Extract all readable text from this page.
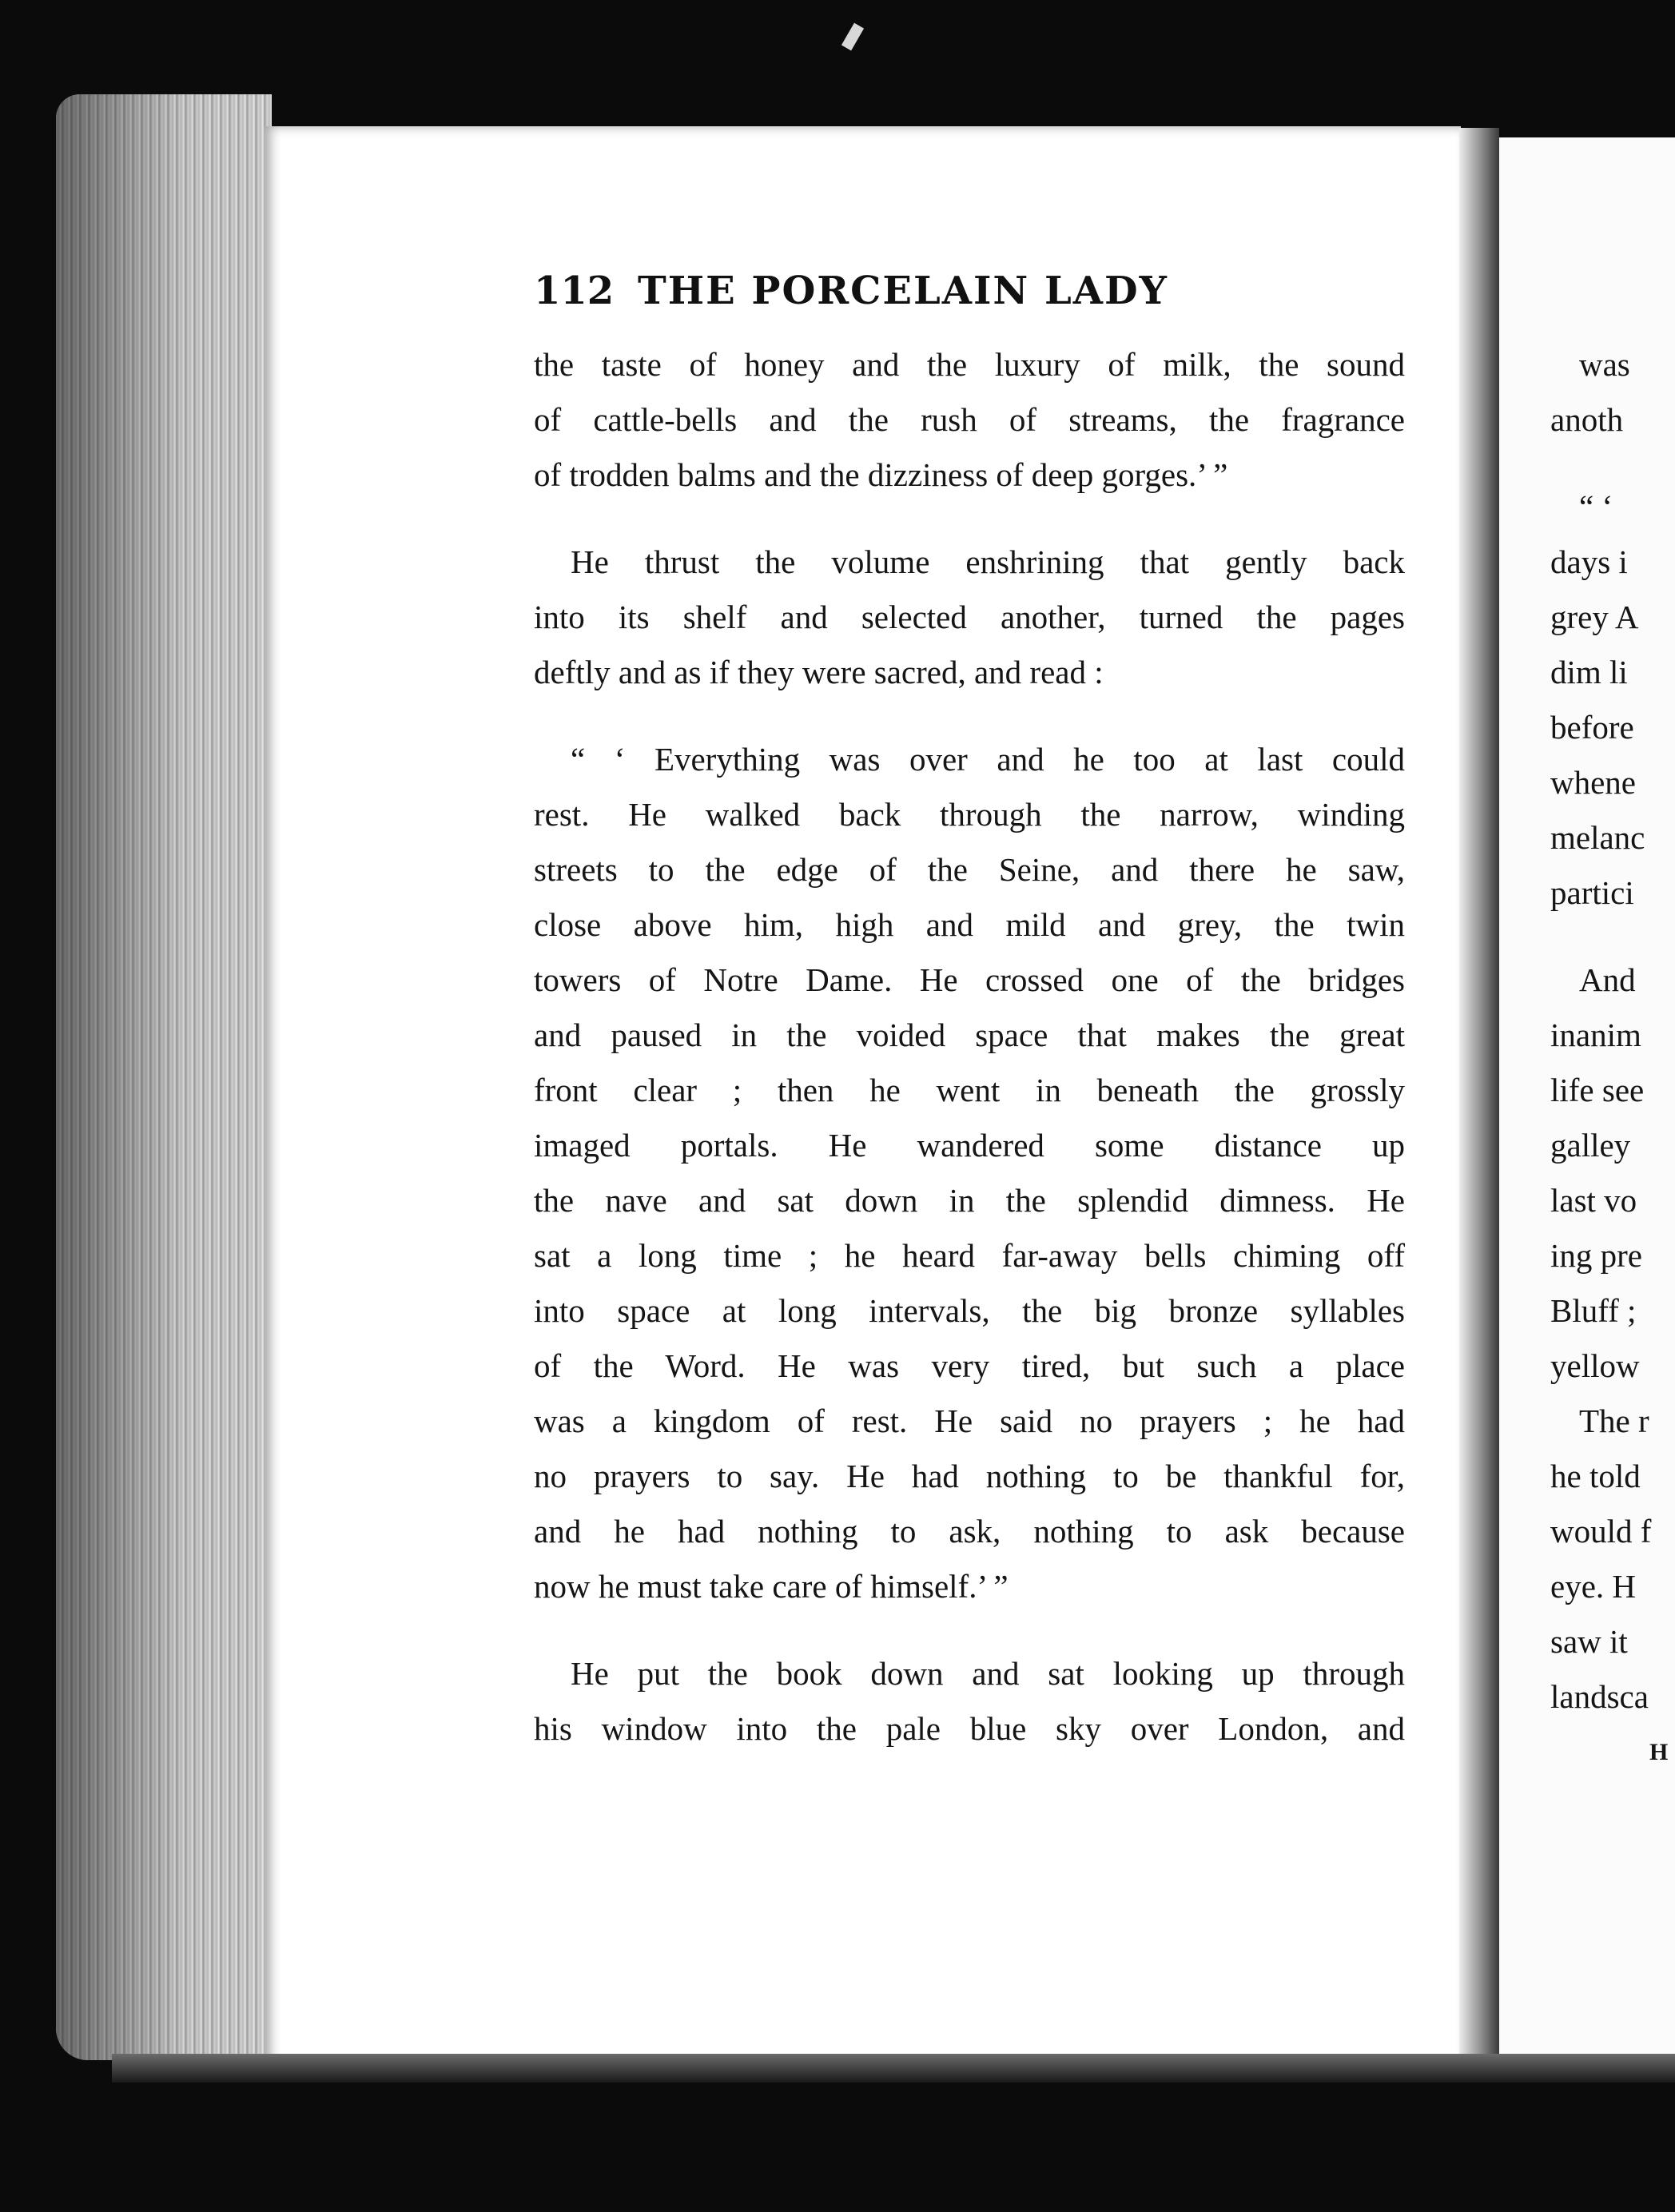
112 THE PORCELAIN LADY
the taste of honey and the luxury of milk, the sound
of cattle-bells and the rush of streams, the fragrance
of trodden balms and the dizziness of deep gorges.’ ”
He thrust the volume enshrining that gently back
into its shelf and selected another, turned the pages
deftly and as if they were sacred, and read :
“ ‘ Everything was over and he too at last could
rest. He walked back through the narrow, winding
streets to the edge of the Seine, and there he saw,
close above him, high and mild and grey, the twin
towers of Notre Dame. He crossed one of the bridges
and paused in the voided space that makes the great
front clear ; then he went in beneath the grossly
imaged portals. He wandered some distance up
the nave and sat down in the splendid dimness. He
sat a long time ; he heard far-away bells chiming off
into space at long intervals, the big bronze syllables
of the Word. He was very tired, but such a place
was a kingdom of rest. He said no prayers ; he had
no prayers to say. He had nothing to be thankful for,
and he had nothing to ask, nothing to ask because
now he must take care of himself.’ ”
He put the book down and sat looking up through
his window into the pale blue sky over London, and
was
anoth
“ ‘
days i
grey A
dim li
before
whene
melanc
partici
And
inanim
life see
galley
last vo
ing pre
Bluff ;
yellow
The r
he told
would f
eye. H
saw it
landsca
H
